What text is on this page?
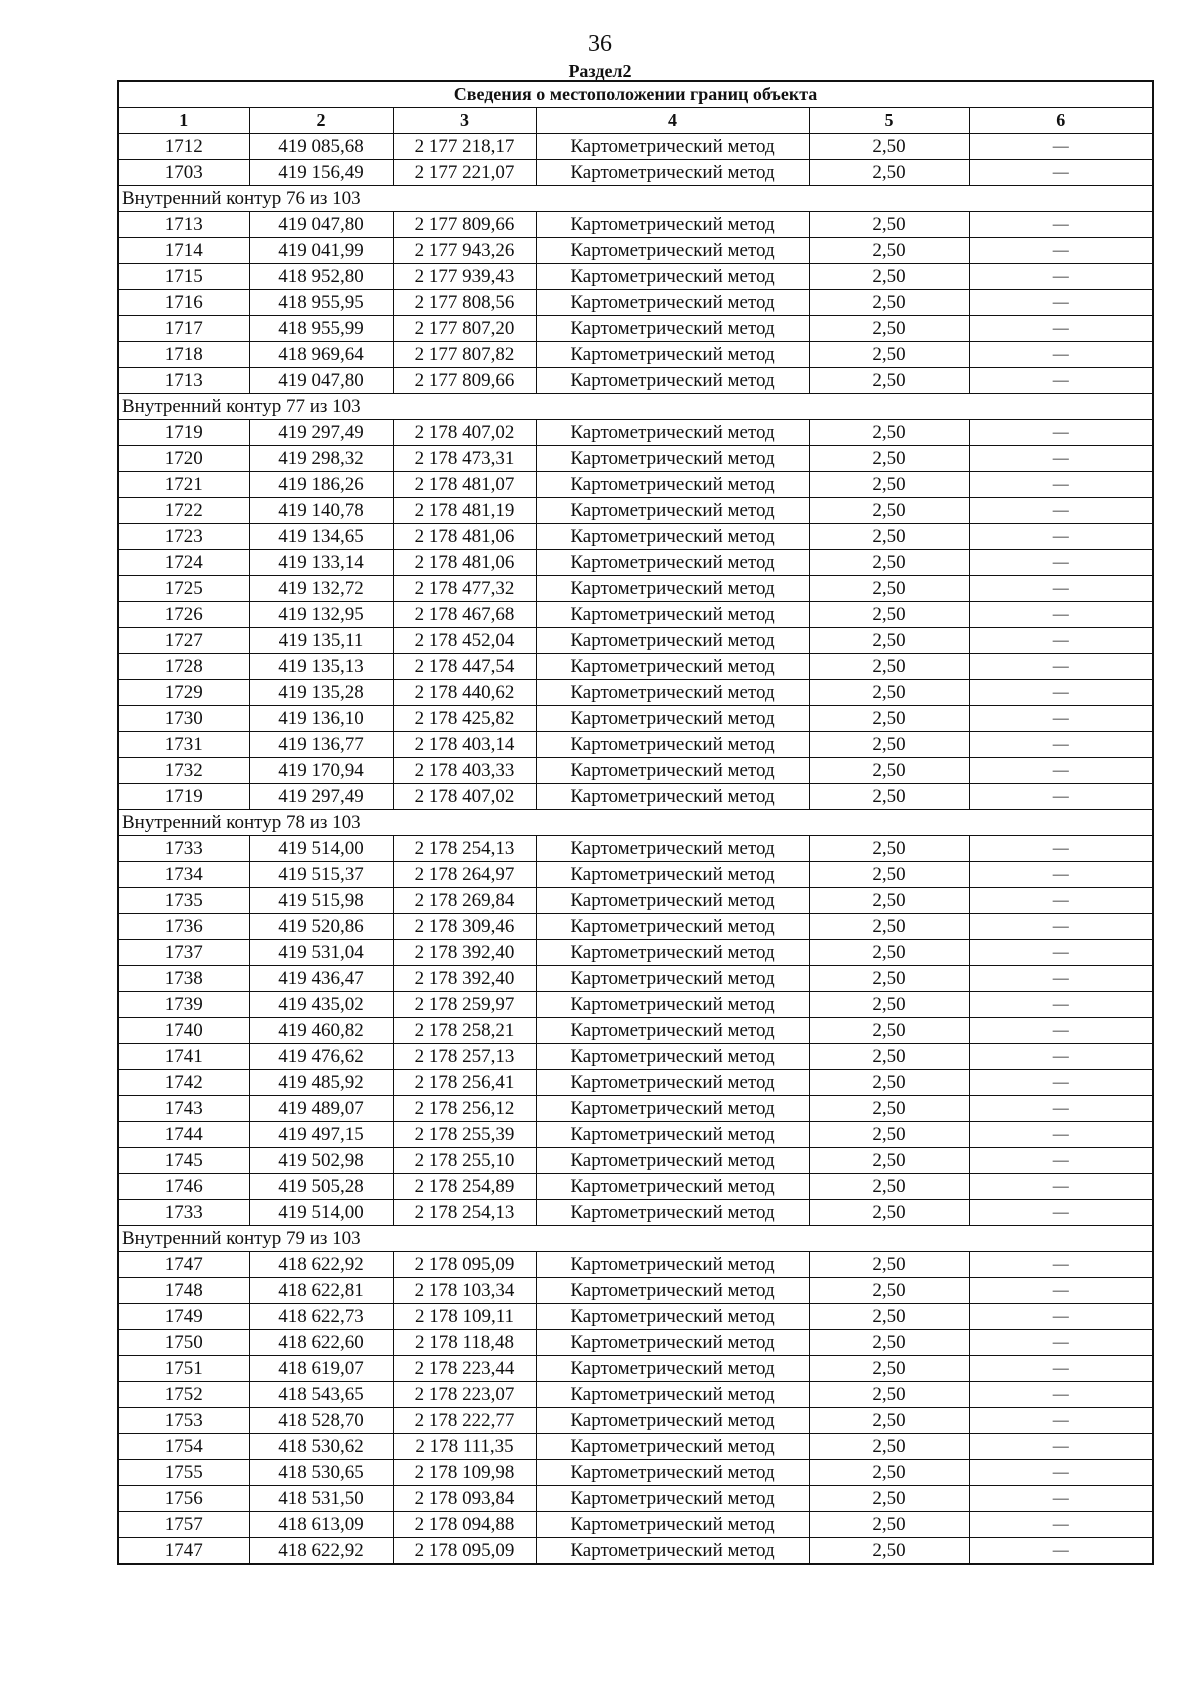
36
Раздел2
Сведения о местоположении границ объекта					
1	2	3	4	5	6
1712	419 085,68	2 177 218,17	Картометрический метод	2,50	—
1703	419 156,49	2 177 221,07	Картометрический метод	2,50	—
Внутренний контур 76 из 103					
1713	419 047,80	2 177 809,66	Картометрический метод	2,50	—
1714	419 041,99	2 177 943,26	Картометрический метод	2,50	—
1715	418 952,80	2 177 939,43	Картометрический метод	2,50	—
1716	418 955,95	2 177 808,56	Картометрический метод	2,50	—
1717	418 955,99	2 177 807,20	Картометрический метод	2,50	—
1718	418 969,64	2 177 807,82	Картометрический метод	2,50	—
1713	419 047,80	2 177 809,66	Картометрический метод	2,50	—
Внутренний контур 77 из 103					
1719	419 297,49	2 178 407,02	Картометрический метод	2,50	—
1720	419 298,32	2 178 473,31	Картометрический метод	2,50	—
1721	419 186,26	2 178 481,07	Картометрический метод	2,50	—
1722	419 140,78	2 178 481,19	Картометрический метод	2,50	—
1723	419 134,65	2 178 481,06	Картометрический метод	2,50	—
1724	419 133,14	2 178 481,06	Картометрический метод	2,50	—
1725	419 132,72	2 178 477,32	Картометрический метод	2,50	—
1726	419 132,95	2 178 467,68	Картометрический метод	2,50	—
1727	419 135,11	2 178 452,04	Картометрический метод	2,50	—
1728	419 135,13	2 178 447,54	Картометрический метод	2,50	—
1729	419 135,28	2 178 440,62	Картометрический метод	2,50	—
1730	419 136,10	2 178 425,82	Картометрический метод	2,50	—
1731	419 136,77	2 178 403,14	Картометрический метод	2,50	—
1732	419 170,94	2 178 403,33	Картометрический метод	2,50	—
1719	419 297,49	2 178 407,02	Картометрический метод	2,50	—
Внутренний контур 78 из 103					
1733	419 514,00	2 178 254,13	Картометрический метод	2,50	—
1734	419 515,37	2 178 264,97	Картометрический метод	2,50	—
1735	419 515,98	2 178 269,84	Картометрический метод	2,50	—
1736	419 520,86	2 178 309,46	Картометрический метод	2,50	—
1737	419 531,04	2 178 392,40	Картометрический метод	2,50	—
1738	419 436,47	2 178 392,40	Картометрический метод	2,50	—
1739	419 435,02	2 178 259,97	Картометрический метод	2,50	—
1740	419 460,82	2 178 258,21	Картометрический метод	2,50	—
1741	419 476,62	2 178 257,13	Картометрический метод	2,50	—
1742	419 485,92	2 178 256,41	Картометрический метод	2,50	—
1743	419 489,07	2 178 256,12	Картометрический метод	2,50	—
1744	419 497,15	2 178 255,39	Картометрический метод	2,50	—
1745	419 502,98	2 178 255,10	Картометрический метод	2,50	—
1746	419 505,28	2 178 254,89	Картометрический метод	2,50	—
1733	419 514,00	2 178 254,13	Картометрический метод	2,50	—
Внутренний контур 79 из 103					
1747	418 622,92	2 178 095,09	Картометрический метод	2,50	—
1748	418 622,81	2 178 103,34	Картометрический метод	2,50	—
1749	418 622,73	2 178 109,11	Картометрический метод	2,50	—
1750	418 622,60	2 178 118,48	Картометрический метод	2,50	—
1751	418 619,07	2 178 223,44	Картометрический метод	2,50	—
1752	418 543,65	2 178 223,07	Картометрический метод	2,50	—
1753	418 528,70	2 178 222,77	Картометрический метод	2,50	—
1754	418 530,62	2 178 111,35	Картометрический метод	2,50	—
1755	418 530,65	2 178 109,98	Картометрический метод	2,50	—
1756	418 531,50	2 178 093,84	Картометрический метод	2,50	—
1757	418 613,09	2 178 094,88	Картометрический метод	2,50	—
1747	418 622,92	2 178 095,09	Картометрический метод	2,50	—
